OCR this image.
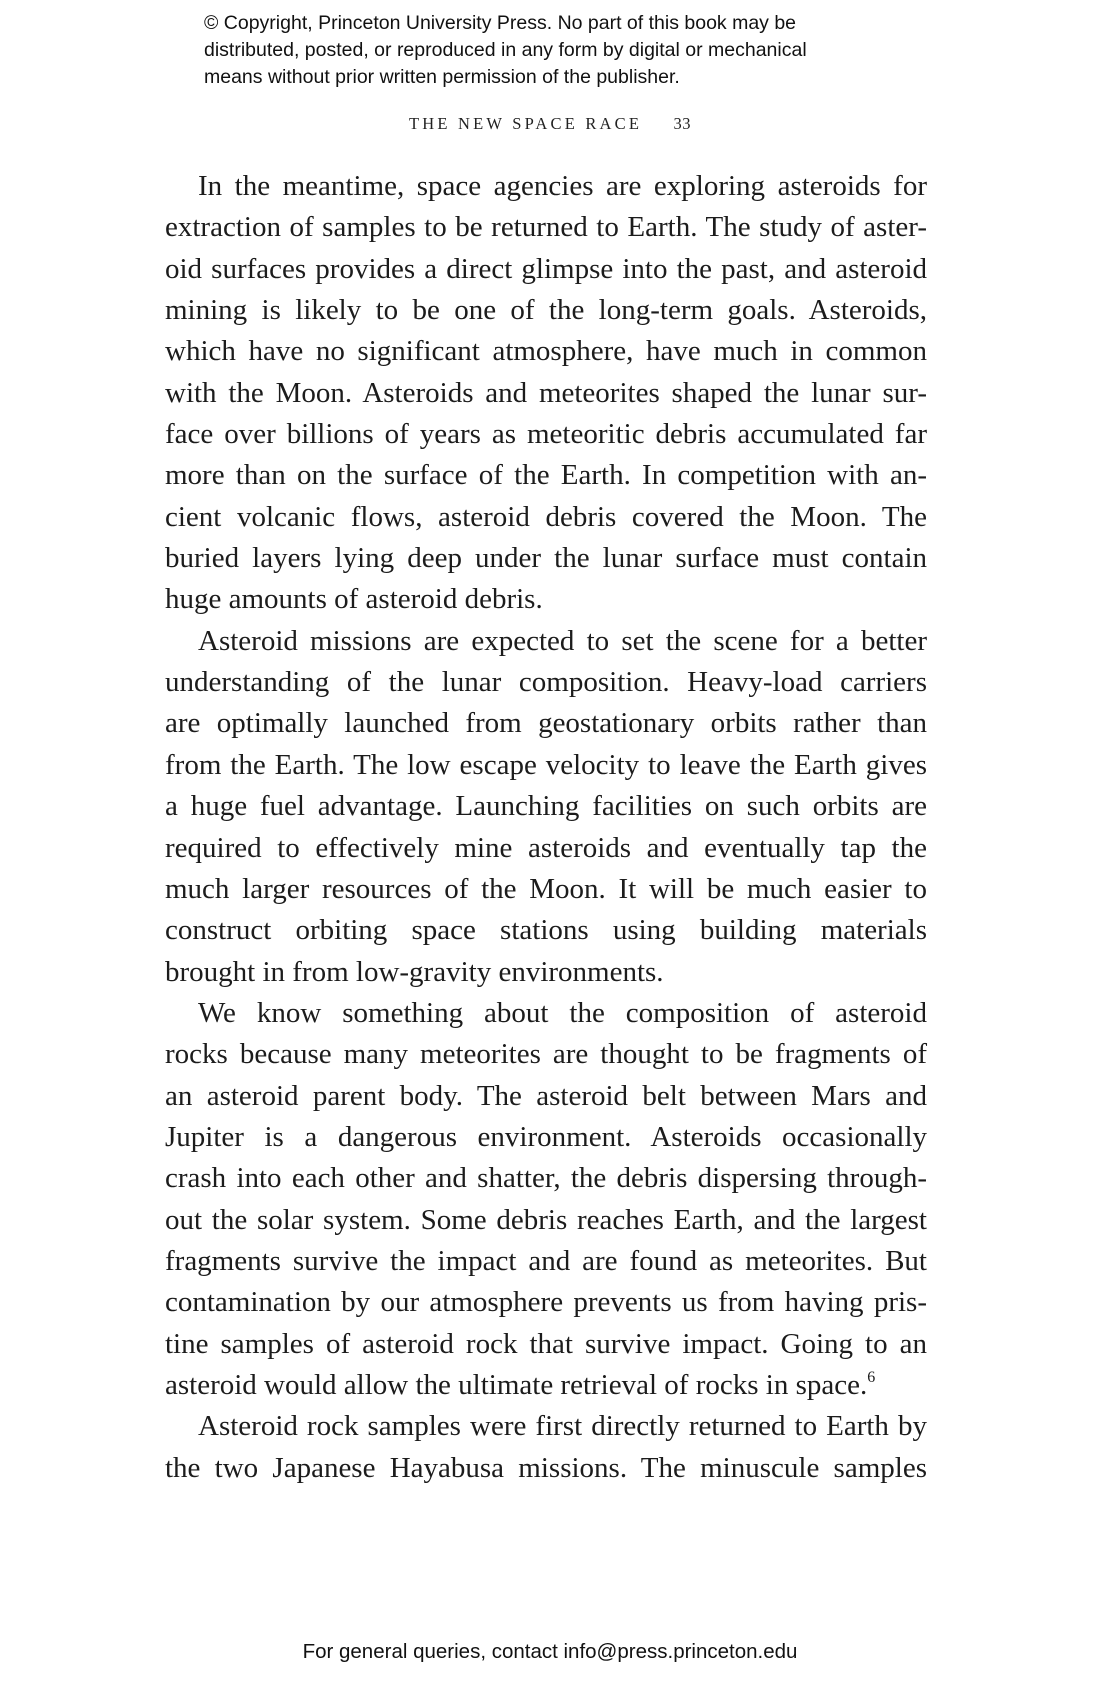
© Copyright, Princeton University Press. No part of this book may be
distributed, posted, or reproduced in any form by digital or mechanical
means without prior written permission of the publisher.
THE NEW SPACE RACE 33

In the meantime, space agencies are exploring asteroids for
extraction of samples to be returned to Earth. The study of aster-
oid surfaces provides a direct glimpse into the past, and asteroid
mining is likely to be one of the long-term goals. Asteroids,
which have no significant atmosphere, have much in common
with the Moon. Asteroids and meteorites shaped the lunar sur-
face over billions of years as meteoritic debris accumulated far
more than on the surface of the Earth. In competition with an-
cient volcanic flows, asteroid debris covered the Moon. The
buried layers lying deep under the lunar surface must contain
huge amounts of asteroid debris.

Asteroid missions are expected to set the scene for a better
understanding of the lunar composition. Heavy-load carriers
are optimally launched from geostationary orbits rather than
from the Earth. The low escape velocity to leave the Earth gives
a huge fuel advantage. Launching facilities on such orbits are
required to effectively mine asteroids and eventually tap the
much larger resources of the Moon. It will be much easier to
construct orbiting space stations using building materials
brought in from low-gravity environments.

We know something about the composition of asteroid
rocks because many meteorites are thought to be fragments of
an asteroid parent body. The asteroid belt between Mars and
Jupiter is a dangerous environment. Asteroids occasionally
crash into each other and shatter, the debris dispersing through-
out the solar system. Some debris reaches Earth, and the largest
fragments survive the impact and are found as meteorites. But
contamination by our atmosphere prevents us from having pris-
tine samples of asteroid rock that survive impact. Going to an
asteroid would allow the ultimate retrieval of rocks in space.$^6$

Asteroid rock samples were first directly returned to Earth by
the two Japanese Hayabusa missions. The minuscule samples

For general queries, contact info@press.princeton.edu
